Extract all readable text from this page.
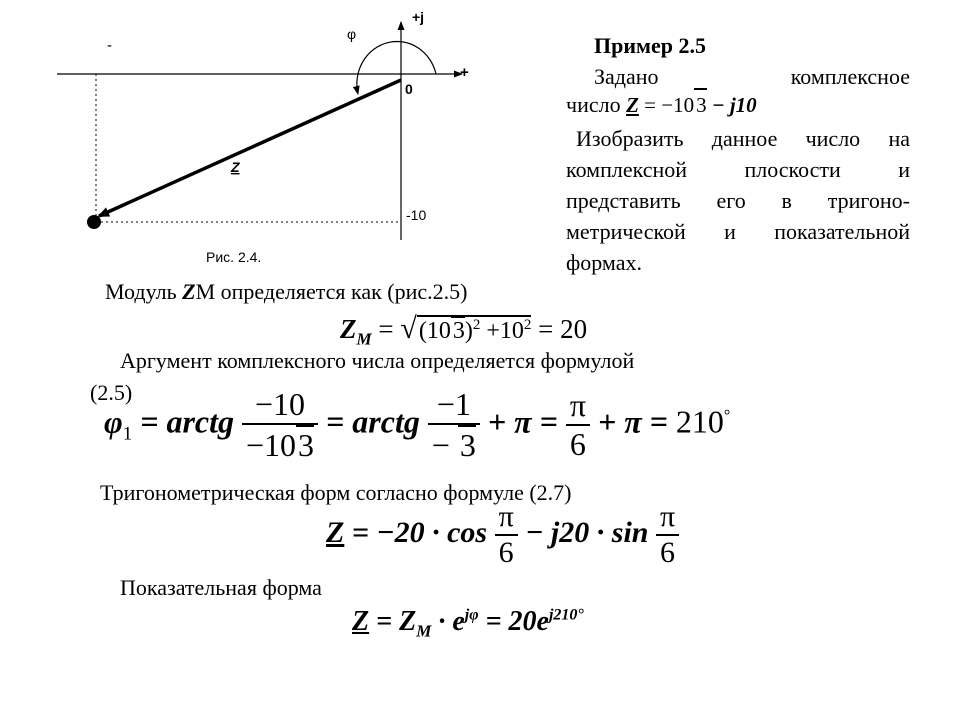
+j
+
-
0
φ
Z
-10
Рис. 2.4.
Пример 2.5
Задано	комплексное
число Z = −103 − j10
Изобразить данное число на
комплексной плоскости и
представить его в тригоно-
метрической и показательной
формах.
Модуль ZМ определяется как (рис.2.5)
$Z_M = √(103)^2 +10^2 = 20$
Аргумент комплексного числа определяется формулой
(2.5)
$\varphi_1$ = arctg $\frac{-10}{-103}$ = arctg $\frac{-1}{- 3} + \pi = \frac{\pi}{6} + \pi = 210^\circ$
Тригонометрическая форм согласно формуле (2.7)
$Z = -20 \cdot \cos \frac{\pi}{6} - j20 \cdot \sin \frac{\pi}{6}$
Показательная форма
$Z = Z_M \cdot e^{j\varphi} = 20e^{j210^\circ}$
